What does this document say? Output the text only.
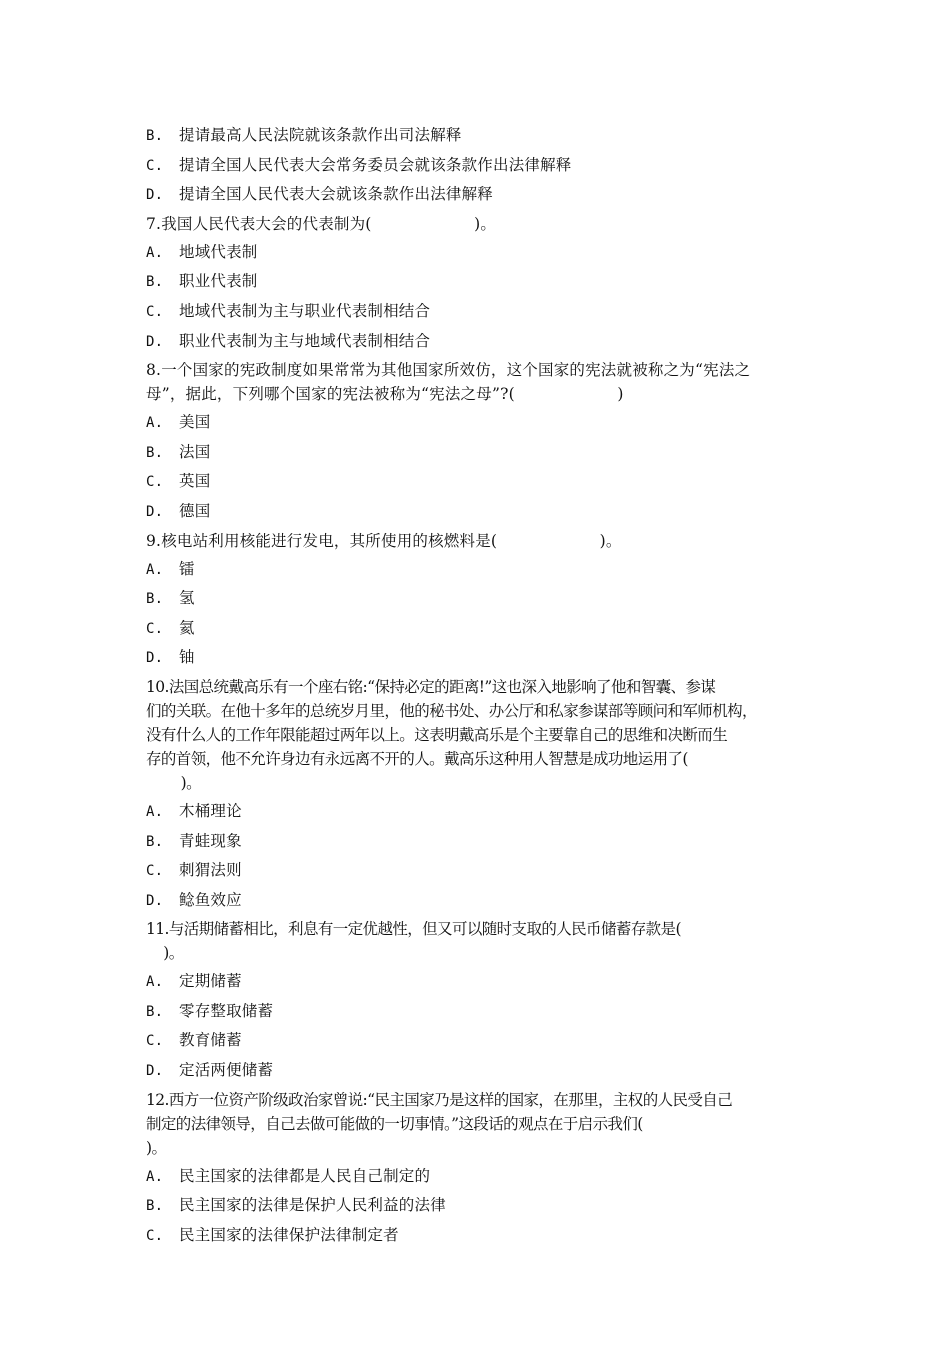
B.	提请最高人民法院就该条款作出司法解释
C.	提请全国人民代表大会常务委员会就该条款作出法律解释
D.	提请全国人民代表大会就该条款作出法律解释
7.我国人民代表大会的代表制为(                    )。
A.	地域代表制
B.	职业代表制
C.	地域代表制为主与职业代表制相结合
D.	职业代表制为主与地域代表制相结合
8.一个国家的宪政制度如果常常为其他国家所效仿，这个国家的宪法就被称之为“宪法之
母”，据此，下列哪个国家的宪法被称为“宪法之母”?(                    )
A.	美国
B.	法国
C.	英国
D.	德国
9.核电站利用核能进行发电，其所使用的核燃料是(                    )。
A.	镭
B.	氢
C.	氦
D.	铀
10.法国总统戴高乐有一个座右铭:“保持必定的距离!”这也深入地影响了他和智囊、参谋
们的关联。在他十多年的总统岁月里，他的秘书处、办公厅和私家参谋部等顾问和军师机构，
没有什么人的工作年限能超过两年以上。这表明戴高乐是个主要靠自己的思维和决断而生
存的首领，他不允许身边有永远离不开的人。戴高乐这种用人智慧是成功地运用了(
)。
A.	木桶理论
B.	青蛙现象
C.	刺猬法则
D.	鲶鱼效应
11.与活期储蓄相比，利息有一定优越性，但又可以随时支取的人民币储蓄存款是(
)。
A.	定期储蓄
B.	零存整取储蓄
C.	教育储蓄
D.	定活两便储蓄
12.西方一位资产阶级政治家曾说:“民主国家乃是这样的国家，在那里，主权的人民受自己
制定的法律领导，自己去做可能做的一切事情。”这段话的观点在于启示我们(
)。
A.	民主国家的法律都是人民自己制定的
B.	民主国家的法律是保护人民利益的法律
C.	民主国家的法律保护法律制定者
